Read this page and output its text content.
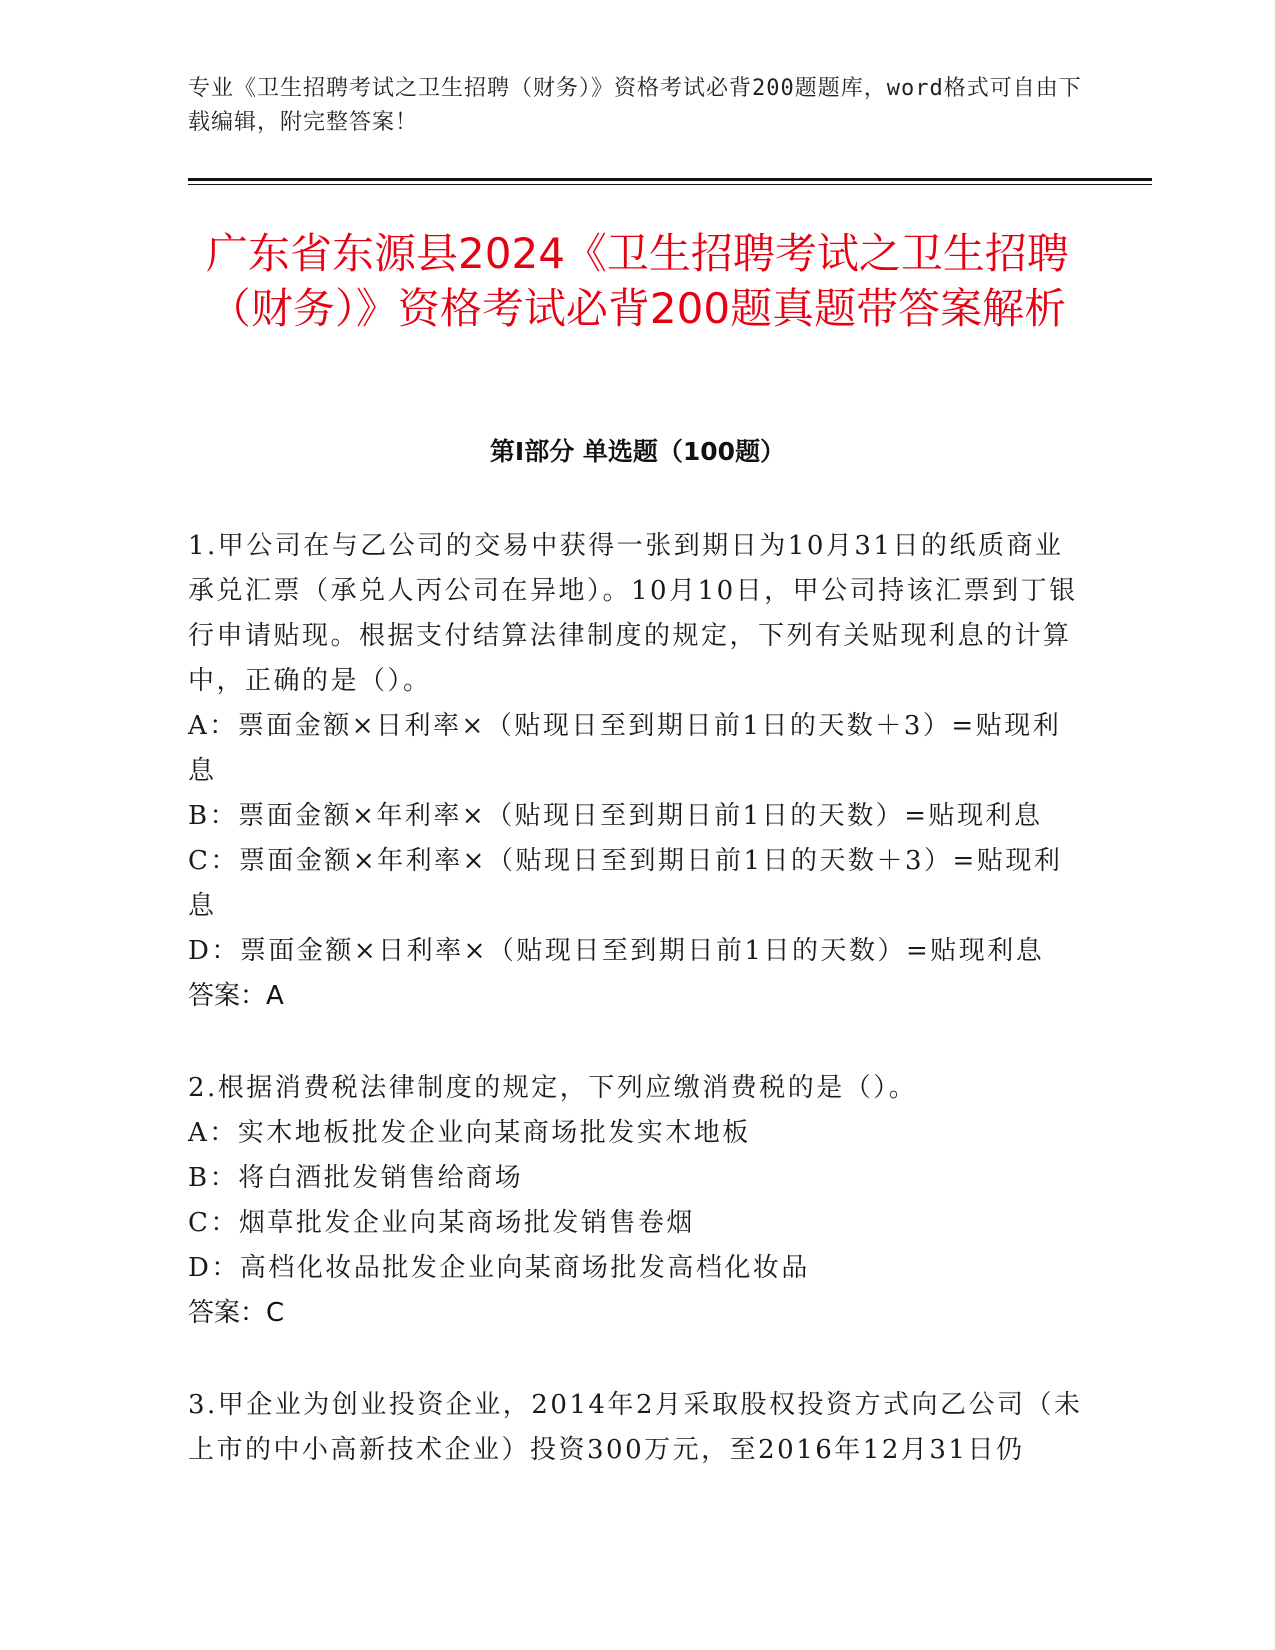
专业《卫生招聘考试之卫生招聘（财务）》资格考试必背200题题库，word格式可自由下载编辑，附完整答案！
广东省东源县2024《卫生招聘考试之卫生招聘（财务）》资格考试必背200题真题带答案解析
第I部分 单选题（100题）

1.甲公司在与乙公司的交易中获得一张到期日为10月31日的纸质商业承兑汇票（承兑人丙公司在异地）。10月10日，甲公司持该汇票到丁银行申请贴现。根据支付结算法律制度的规定，下列有关贴现利息的计算中，正确的是（）。

A：票面金额×日利率×（贴现日至到期日前1日的天数＋3）=贴现利息

B：票面金额×年利率×（贴现日至到期日前1日的天数）=贴现利息

C：票面金额×年利率×（贴现日至到期日前1日的天数＋3）=贴现利息

D：票面金额×日利率×（贴现日至到期日前1日的天数）=贴现利息

答案：A

2.根据消费税法律制度的规定，下列应缴消费税的是（）。

A：实木地板批发企业向某商场批发实木地板

B：将白酒批发销售给商场

C：烟草批发企业向某商场批发销售卷烟

D：高档化妆品批发企业向某商场批发高档化妆品

答案：C

3.甲企业为创业投资企业，2014年2月采取股权投资方式向乙公司（未上市的中小高新技术企业）投资300万元，至2016年12月31日仍
